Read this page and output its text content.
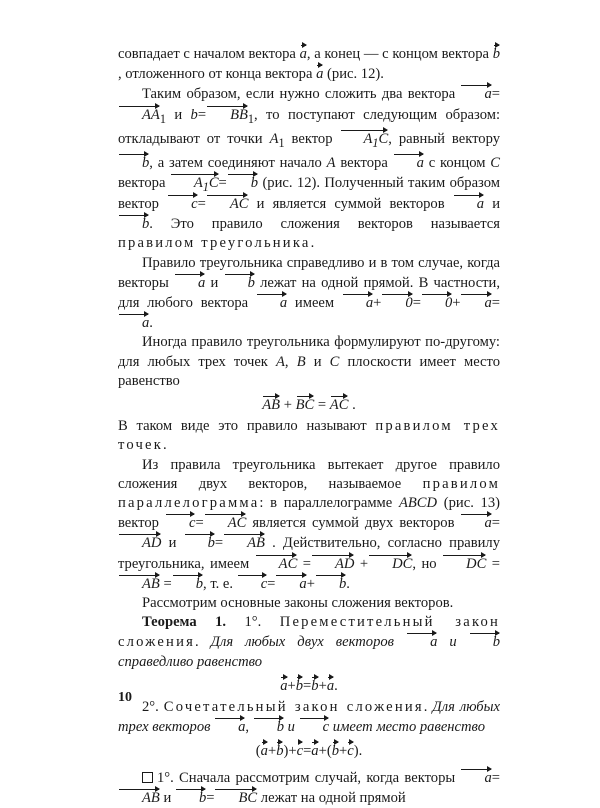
совпадает с началом вектора a, а конец — с концом вектора b, отложенного от конца вектора a (рис. 12).

Таким образом, если нужно сложить два вектора $a=AA_1$ и $b= BB_1$, то поступают следующим образом: откладывают от точки $A_1$ вектор $A_1C$, равный вектору b, а затем соединяют начало A вектора a с концом C вектора $A_1C= b$ (рис. 12). Полученный таким образом вектор c= AC и является суммой векторов a и b. Это правило сложения векторов называется правилом треугольника.

Правило треугольника справедливо и в том случае, когда векторы a и b лежат на одной прямой. В частности, для любого вектора a имеем a+ 0= 0+ a=a.

Иногда правило треугольника формулируют по-другому: для любых трех точек A, B и C плоскости имеет место равенство

AB + BC = AC .

В таком виде это правило называют правилом трех точек.

Из правила треугольника вытекает другое правило сложения двух векторов, называемое правилом параллелограмма: в параллелограмме ABCD (рис. 13) вектор c= AC является суммой двух векторов a=AD и b= AB . Действительно, согласно правилу треугольника, имеем AC = AD + DC, но DC =AB = b, т. е. c= a+ b.

Рассмотрим основные законы сложения векторов.

Теорема 1. 1°. Переместительный закон сложения. Для любых двух векторов a и b справедливо равенство

a+b=b+a.

2°. Сочетательный закон сложения. Для любых трех векторов a, b и c имеет место равенство

(a+b)+c=a+(b+c).

1°. Сначала рассмотрим случай, когда векторы a=AB и b= BC лежат на одной прямой

10
